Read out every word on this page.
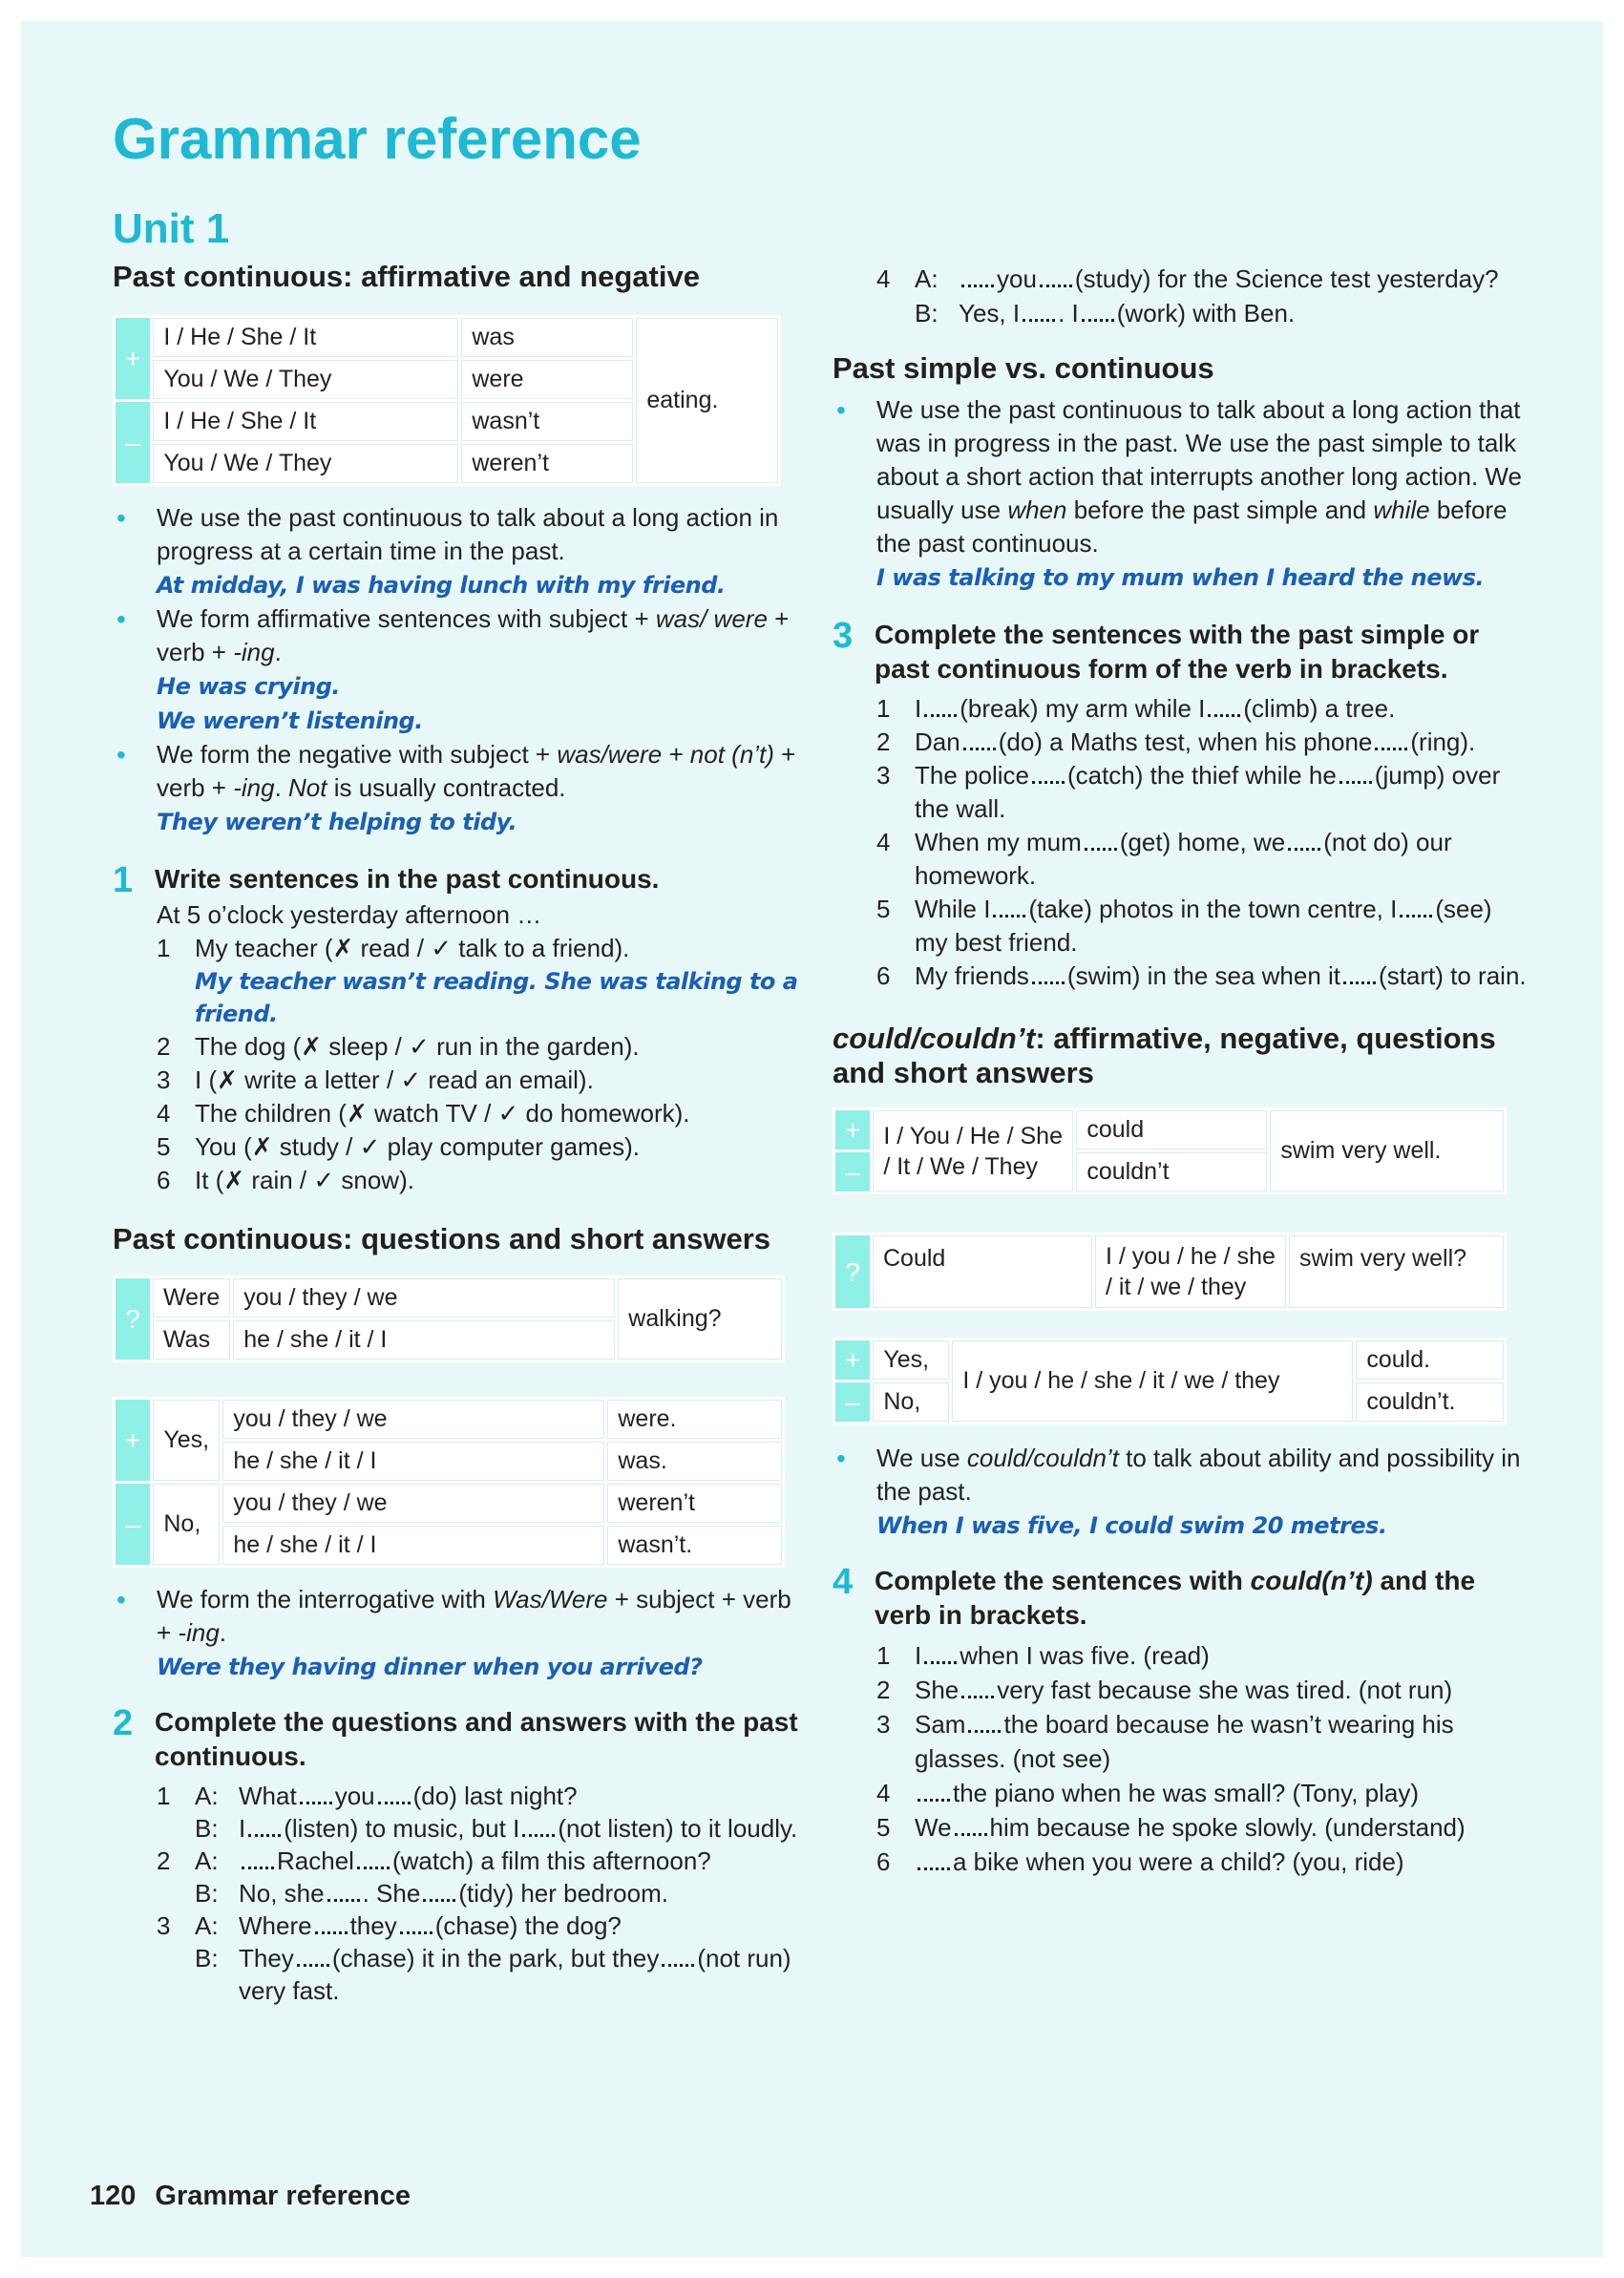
Grammar reference
Unit 1
Past continuous: affirmative and negative
+	I / He / She / It	was	eating.
	You / We / They	were	
–	I / He / She / It	wasn’t	
	You / We / They	weren’t	
• We use the past continuous to talk about a long action in progress at a certain time in the past.
At midday, I was having lunch with my friend.
• We form affirmative sentences with subject + was/ were + verb + -ing.
He was crying.
We weren’t listening.
• We form the negative with subject + was/were + not (n’t) + verb + -ing. Not is usually contracted.
They weren’t helping to tidy.
1 Write sentences in the past continuous.
At 5 o’clock yesterday afternoon …
1 My teacher (✗ read / ✓ talk to a friend).
My teacher wasn’t reading. She was talking to a friend.
2 The dog (✗ sleep / ✓ run in the garden).
3 I (✗ write a letter / ✓ read an email).
4 The children (✗ watch TV / ✓ do homework).
5 You (✗ study / ✓ play computer games).
6 It (✗ rain / ✓ snow).
Past continuous: questions and short answers
?	Were	you / they / we	walking?
	Was	he / she / it / I	
+	Yes,	you / they / we	were.
		he / she / it / I	was.
–	No,	you / they / we	weren’t
		he / she / it / I	wasn’t.
• We form the interrogative with Was/Were + subject + verb + -ing.
Were they having dinner when you arrived?
2 Complete the questions and answers with the past continuous.
1 A: What you (do) last night?
B: I (listen) to music, but I (not listen) to it loudly.
2 A:	Rachel (watch) a film this afternoon?
B: No, she . She (tidy) her bedroom.
3 A: Where they (chase) the dog?
B: They (chase) it in the park, but they (not run) very fast.
4 A:	you (study) for the Science test yesterday?
B: Yes, I . I (work) with Ben.
Past simple vs. continuous
• We use the past continuous to talk about a long action that was in progress in the past. We use the past simple to talk about a short action that interrupts another long action. We usually use when before the past simple and while before the past continuous.
I was talking to my mum when I heard the news.
3 Complete the sentences with the past simple or past continuous form of the verb in brackets.
1 I (break) my arm while I (climb) a tree.
2 Dan (do) a Maths test, when his phone (ring).
3 The police (catch) the thief while he (jump) over the wall.
4 When my mum (get) home, we (not do) our homework.
5 While I (take) photos in the town centre, I (see) my best friend.
6 My friends (swim) in the sea when it (start) to rain.
could/couldn’t: affirmative, negative, questions and short answers
+	I / You / He / She / It / We / They	could	swim very well.
–		couldn’t	
?	Could	I / you / he / she / it / we / they	swim very well?
+	Yes,	I / you / he / she / it / we / they	could.
–	No,		couldn’t.
• We use could/couldn’t to talk about ability and possibility in the past.
When I was five, I could swim 20 metres.
4 Complete the sentences with could(n’t) and the verb in brackets.
1 I when I was five. (read)
2 She very fast because she was tired. (not run)
3 Sam the board because he wasn’t wearing his glasses. (not see)
4	the piano when he was small? (Tony, play)
5 We him because he spoke slowly. (understand)
6	a bike when you were a child? (you, ride)
120 Grammar reference
